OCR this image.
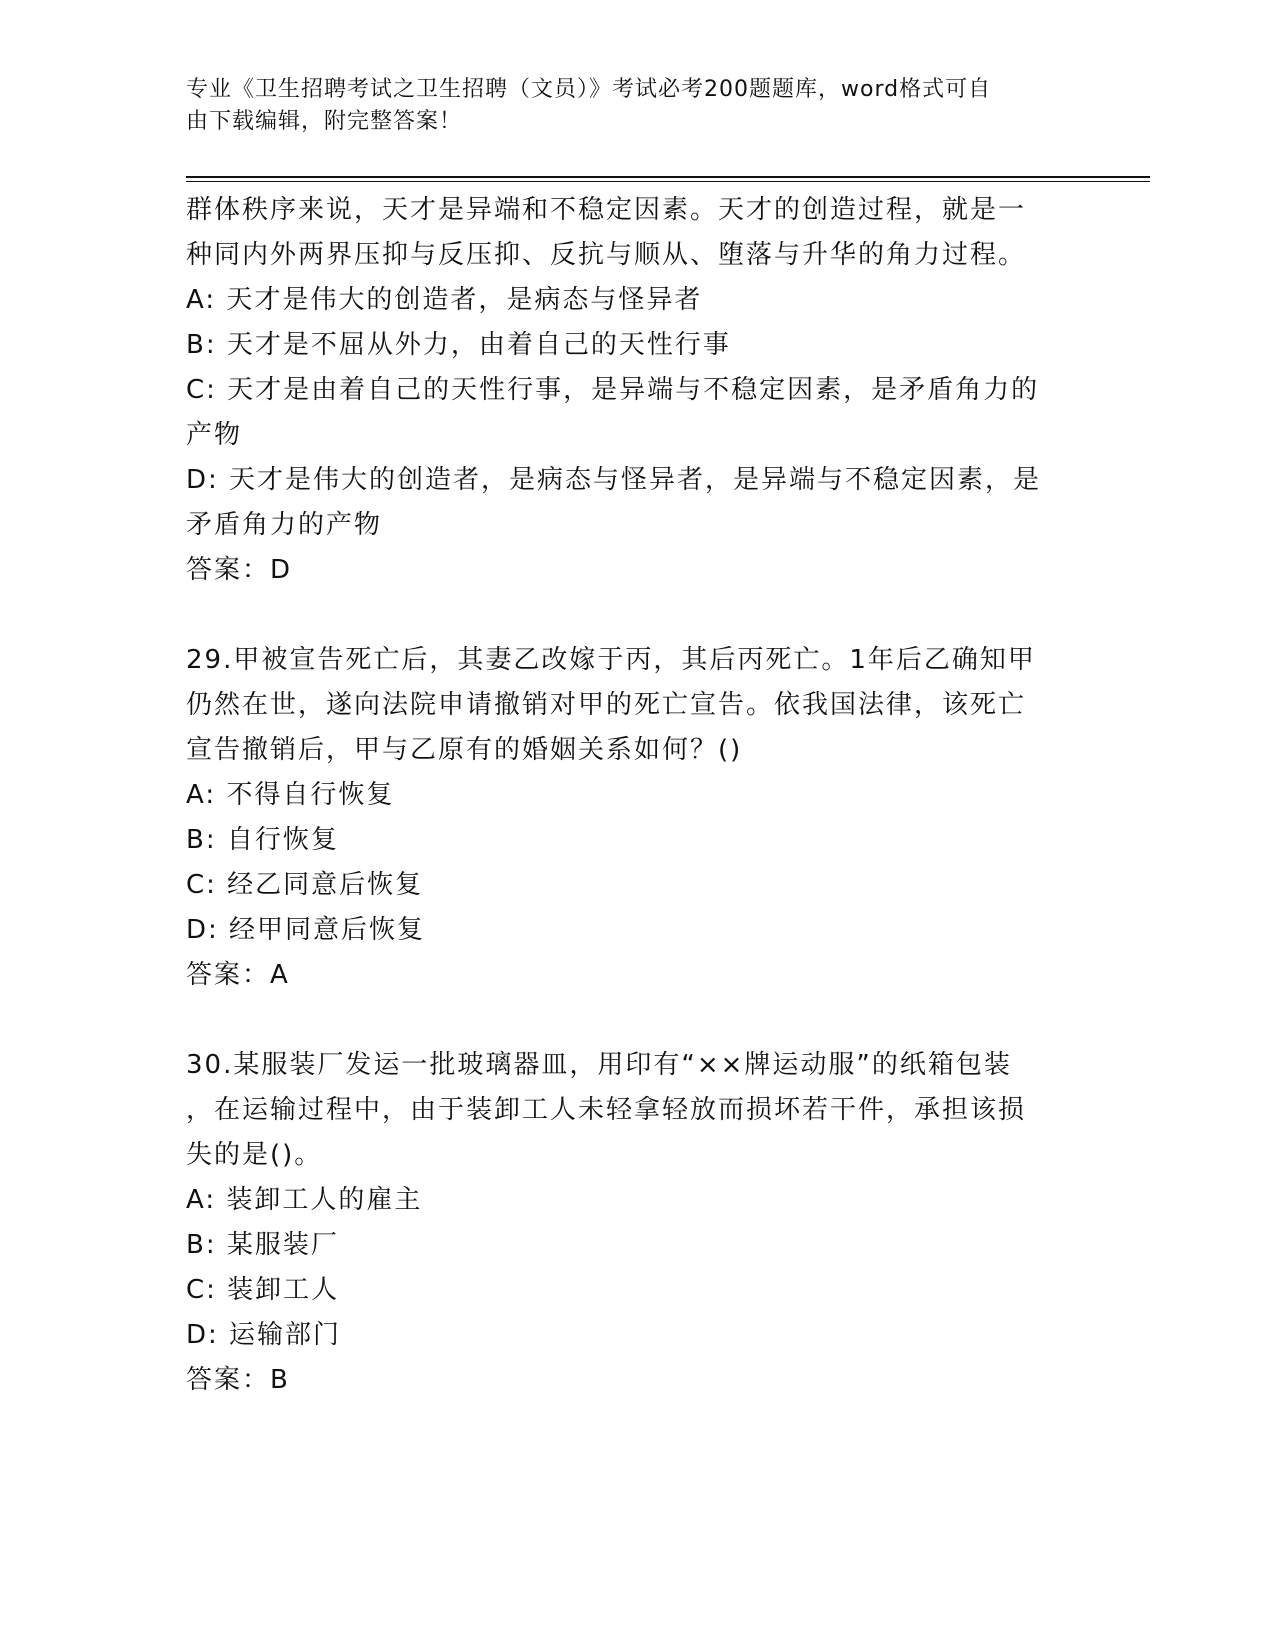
专业《卫生招聘考试之卫生招聘（文员）》考试必考200题题库，word格式可自
由下载编辑，附完整答案！
群体秩序来说，天才是异端和不稳定因素。天才的创造过程，就是一
种同内外两界压抑与反压抑、反抗与顺从、堕落与升华的角力过程。
A: 天才是伟大的创造者，是病态与怪异者
B: 天才是不屈从外力，由着自己的天性行事
C: 天才是由着自己的天性行事，是异端与不稳定因素，是矛盾角力的
产物
D: 天才是伟大的创造者，是病态与怪异者，是异端与不稳定因素，是
矛盾角力的产物
答案：D
29.甲被宣告死亡后，其妻乙改嫁于丙，其后丙死亡。1年后乙确知甲
仍然在世，遂向法院申请撤销对甲的死亡宣告。依我国法律，该死亡
宣告撤销后，甲与乙原有的婚姻关系如何？()
A: 不得自行恢复
B: 自行恢复
C: 经乙同意后恢复
D: 经甲同意后恢复
答案：A
30.某服装厂发运一批玻璃器皿，用印有“××牌运动服”的纸箱包装
，在运输过程中，由于装卸工人未轻拿轻放而损坏若干件，承担该损
失的是()。
A: 装卸工人的雇主
B: 某服装厂
C: 装卸工人
D: 运输部门
答案：B
